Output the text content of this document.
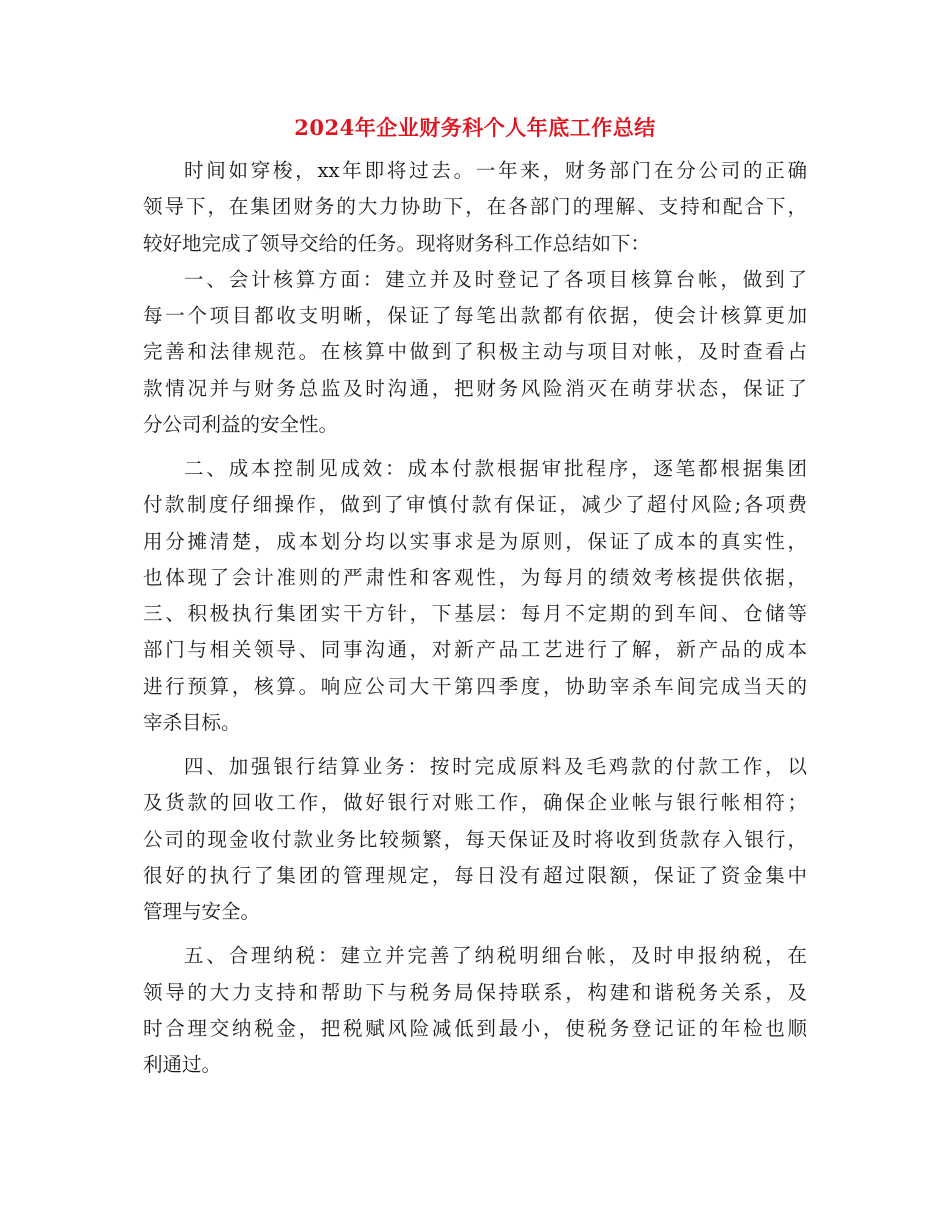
2024年企业财务科个人年底工作总结
时间如穿梭，xx年即将过去。一年来，财务部门在分公司的正确
领导下，在集团财务的大力协助下，在各部门的理解、支持和配合下，
较好地完成了领导交给的任务。现将财务科工作总结如下：
一、会计核算方面：建立并及时登记了各项目核算台帐，做到了
每一个项目都收支明晰，保证了每笔出款都有依据，使会计核算更加
完善和法律规范。在核算中做到了积极主动与项目对帐，及时查看占
款情况并与财务总监及时沟通，把财务风险消灭在萌芽状态，保证了
分公司利益的安全性。
二、成本控制见成效：成本付款根据审批程序，逐笔都根据集团
付款制度仔细操作，做到了审慎付款有保证，减少了超付风险;各项费
用分摊清楚，成本划分均以实事求是为原则，保证了成本的真实性，
也体现了会计准则的严肃性和客观性，为每月的绩效考核提供依据，
三、积极执行集团实干方针，下基层：每月不定期的到车间、仓储等
部门与相关领导、同事沟通，对新产品工艺进行了解，新产品的成本
进行预算，核算。响应公司大干第四季度，协助宰杀车间完成当天的
宰杀目标。
四、加强银行结算业务：按时完成原料及毛鸡款的付款工作，以
及货款的回收工作，做好银行对账工作，确保企业帐与银行帐相符；
公司的现金收付款业务比较频繁，每天保证及时将收到货款存入银行，
很好的执行了集团的管理规定，每日没有超过限额，保证了资金集中
管理与安全。
五、合理纳税：建立并完善了纳税明细台帐，及时申报纳税，在
领导的大力支持和帮助下与税务局保持联系，构建和谐税务关系，及
时合理交纳税金，把税赋风险减低到最小，使税务登记证的年检也顺
利通过。
